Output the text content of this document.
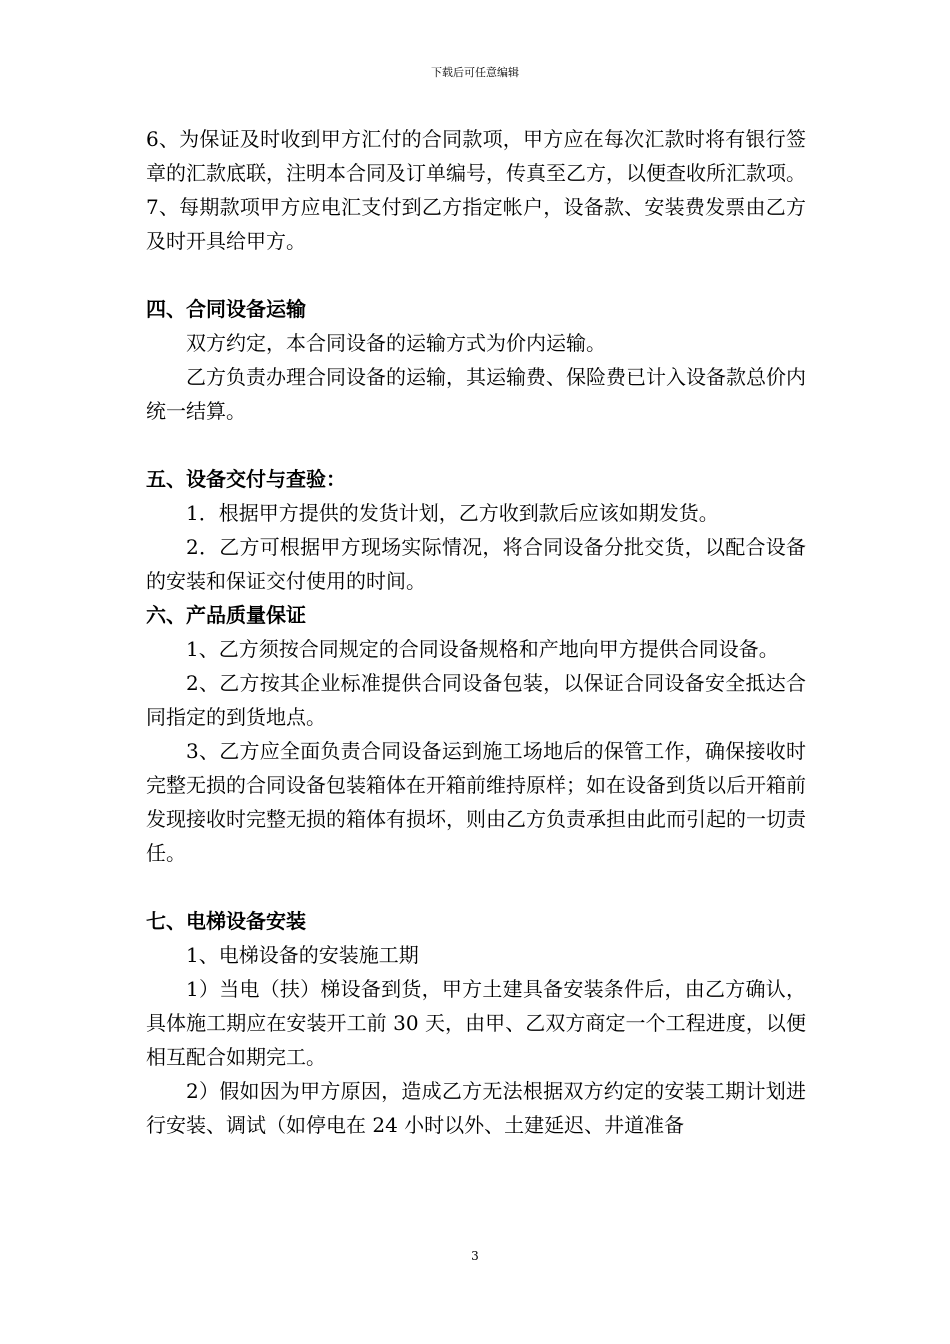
下载后可任意编辑

6、为保证及时收到甲方汇付的合同款项，甲方应在每次汇款时将有银行签章的汇款底联，注明本合同及订单编号，传真至乙方，以便查收所汇款项。

7、每期款项甲方应电汇支付到乙方指定帐户，设备款、安装费发票由乙方及时开具给甲方。

四、合同设备运输

双方约定，本合同设备的运输方式为价内运输。

乙方负责办理合同设备的运输，其运输费、保险费已计入设备款总价内统一结算。

五、设备交付与查验：

1．根据甲方提供的发货计划，乙方收到款后应该如期发货。

2．乙方可根据甲方现场实际情况，将合同设备分批交货，以配合设备的安装和保证交付使用的时间。

六、产品质量保证

1、乙方须按合同规定的合同设备规格和产地向甲方提供合同设备。

2、乙方按其企业标准提供合同设备包装，以保证合同设备安全抵达合同指定的到货地点。

3、乙方应全面负责合同设备运到施工场地后的保管工作，确保接收时完整无损的合同设备包装箱体在开箱前维持原样；如在设备到货以后开箱前发现接收时完整无损的箱体有损坏，则由乙方负责承担由此而引起的一切责任。

七、电梯设备安装

1、电梯设备的安装施工期

1）当电（扶）梯设备到货，甲方土建具备安装条件后，由乙方确认，具体施工期应在安装开工前 30 天，由甲、乙双方商定一个工程进度，以便相互配合如期完工。

2）假如因为甲方原因，造成乙方无法根据双方约定的安装工期计划进行安装、调试（如停电在 24 小时以外、土建延迟、井道准备

3
